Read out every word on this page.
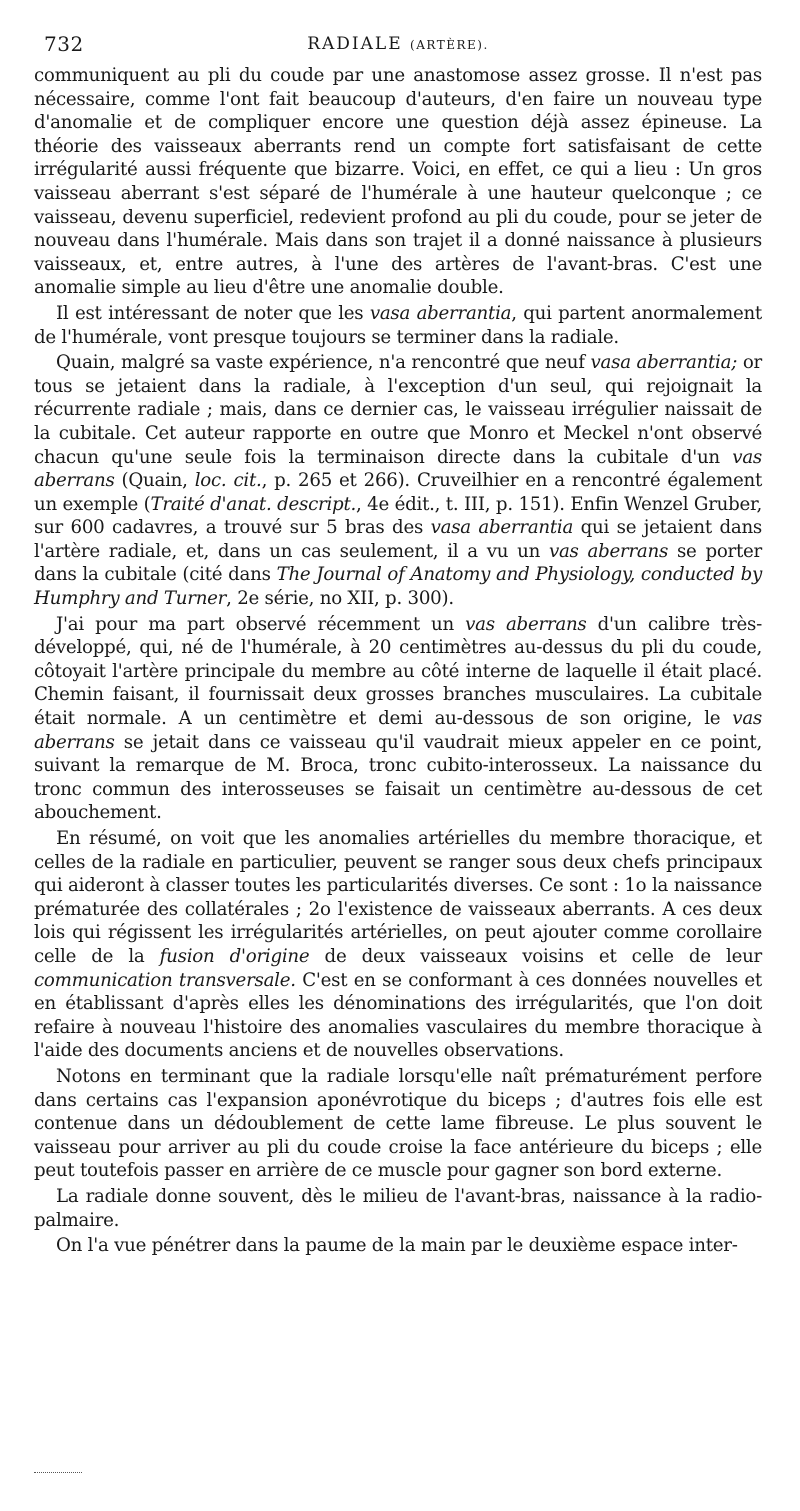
732	RADIALE (ARTÈRE).

communiquent au pli du coude par une anastomose assez grosse. Il n'est pas nécessaire, comme l'ont fait beaucoup d'auteurs, d'en faire un nouveau type d'anomalie et de compliquer encore une question déjà assez épineuse. La théorie des vaisseaux aberrants rend un compte fort satisfaisant de cette irrégularité aussi fréquente que bizarre. Voici, en effet, ce qui a lieu : Un gros vaisseau aberrant s'est séparé de l'humérale à une hauteur quelconque ; ce vaisseau, devenu superficiel, redevient profond au pli du coude, pour se jeter de nouveau dans l'humérale. Mais dans son trajet il a donné naissance à plusieurs vaisseaux, et, entre autres, à l'une des artères de l'avant-bras. C'est une anomalie simple au lieu d'être une anomalie double.

Il est intéressant de noter que les vasa aberrantia, qui partent anormalement de l'humérale, vont presque toujours se terminer dans la radiale.

Quain, malgré sa vaste expérience, n'a rencontré que neuf vasa aberrantia; or tous se jetaient dans la radiale, à l'exception d'un seul, qui rejoignait la récurrente radiale ; mais, dans ce dernier cas, le vaisseau irrégulier naissait de la cubitale. Cet auteur rapporte en outre que Monro et Meckel n'ont observé chacun qu'une seule fois la terminaison directe dans la cubitale d'un vas aberrans (Quain, loc. cit., p. 265 et 266). Cruveilhier en a rencontré également un exemple (Traité d'anat. descript., 4e édit., t. III, p. 151). Enfin Wenzel Gruber, sur 600 cadavres, a trouvé sur 5 bras des vasa aberrantia qui se jetaient dans l'artère radiale, et, dans un cas seulement, il a vu un vas aberrans se porter dans la cubitale (cité dans The Journal of Anatomy and Physiology, conducted by Humphry and Turner, 2e série, no XII, p. 300).

J'ai pour ma part observé récemment un vas aberrans d'un calibre très-développé, qui, né de l'humérale, à 20 centimètres au-dessus du pli du coude, côtoyait l'artère principale du membre au côté interne de laquelle il était placé. Chemin faisant, il fournissait deux grosses branches musculaires. La cubitale était normale. A un centimètre et demi au-dessous de son origine, le vas aberrans se jetait dans ce vaisseau qu'il vaudrait mieux appeler en ce point, suivant la remarque de M. Broca, tronc cubito-interosseux. La naissance du tronc commun des interosseuses se faisait un centimètre au-dessous de cet abouchement.

En résumé, on voit que les anomalies artérielles du membre thoracique, et celles de la radiale en particulier, peuvent se ranger sous deux chefs principaux qui aideront à classer toutes les particularités diverses. Ce sont : 1o la naissance prématurée des collatérales ; 2o l'existence de vaisseaux aberrants. A ces deux lois qui régissent les irrégularités artérielles, on peut ajouter comme corollaire celle de la fusion d'origine de deux vaisseaux voisins et celle de leur communication transversale. C'est en se conformant à ces données nouvelles et en établissant d'après elles les dénominations des irrégularités, que l'on doit refaire à nouveau l'histoire des anomalies vasculaires du membre thoracique à l'aide des documents anciens et de nouvelles observations.

Notons en terminant que la radiale lorsqu'elle naît prématurément perfore dans certains cas l'expansion aponévrotique du biceps ; d'autres fois elle est contenue dans un dédoublement de cette lame fibreuse. Le plus souvent le vaisseau pour arriver au pli du coude croise la face antérieure du biceps ; elle peut toutefois passer en arrière de ce muscle pour gagner son bord externe.

La radiale donne souvent, dès le milieu de l'avant-bras, naissance à la radio-palmaire.

On l'a vue pénétrer dans la paume de la main par le deuxième espace inter-
